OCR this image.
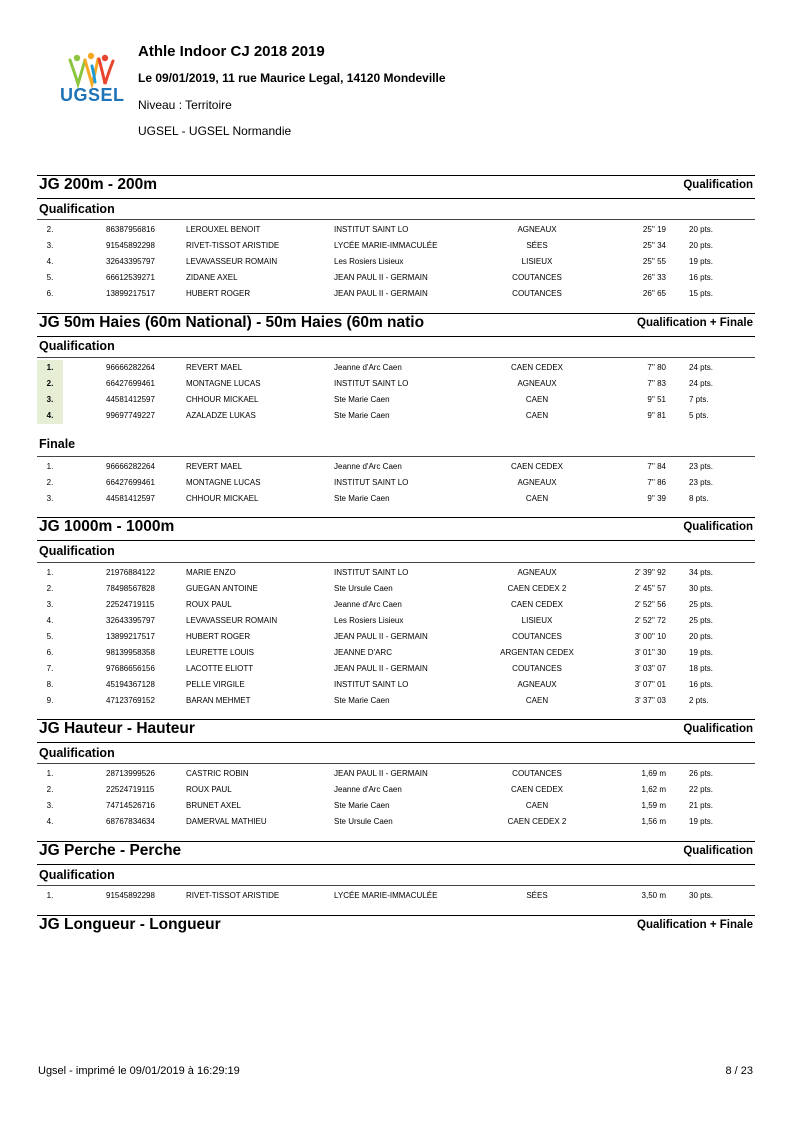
UGSEL
Athle Indoor CJ 2018 2019
Le 09/01/2019, 11 rue Maurice Legal, 14120 Mondeville
Niveau : Territoire
UGSEL - UGSEL Normandie
JG 200m - 200m	Qualification
Qualification
2.	86387956816	LEROUXEL BENOIT	INSTITUT SAINT LO	AGNEAUX	25'' 19	20 pts.
3.	91545892298	RIVET-TISSOT ARISTIDE	LYCÉE MARIE-IMMACULÉE	SÉES	25'' 34	20 pts.
4.	32643395797	LEVAVASSEUR ROMAIN	Les Rosiers Lisieux	LISIEUX	25'' 55	19 pts.
5.	66612539271	ZIDANE AXEL	JEAN PAUL II - GERMAIN	COUTANCES	26'' 33	16 pts.
6.	13899217517	HUBERT ROGER	JEAN PAUL II - GERMAIN	COUTANCES	26'' 65	15 pts.
JG 50m Haies (60m National) - 50m Haies (60m natio	Qualification + Finale
Qualification
1.	96666282264	REVERT MAEL	Jeanne d'Arc Caen	CAEN CEDEX	7'' 80	24 pts.
2.	66427699461	MONTAGNE LUCAS	INSTITUT SAINT LO	AGNEAUX	7'' 83	24 pts.
3.	44581412597	CHHOUR MICKAEL	Ste Marie Caen	CAEN	9'' 51	7 pts.
4.	99697749227	AZALADZE LUKAS	Ste Marie Caen	CAEN	9'' 81	5 pts.
Finale
1.	96666282264	REVERT MAEL	Jeanne d'Arc Caen	CAEN CEDEX	7'' 84	23 pts.
2.	66427699461	MONTAGNE LUCAS	INSTITUT SAINT LO	AGNEAUX	7'' 86	23 pts.
3.	44581412597	CHHOUR MICKAEL	Ste Marie Caen	CAEN	9'' 39	8 pts.
JG 1000m - 1000m	Qualification
Qualification
1.	21976884122	MARIE ENZO	INSTITUT SAINT LO	AGNEAUX	2' 39'' 92	34 pts.
2.	78498567828	GUEGAN ANTOINE	Ste Ursule Caen	CAEN CEDEX 2	2' 45'' 57	30 pts.
3.	22524719115	ROUX PAUL	Jeanne d'Arc Caen	CAEN CEDEX	2' 52'' 56	25 pts.
4.	32643395797	LEVAVASSEUR ROMAIN	Les Rosiers Lisieux	LISIEUX	2' 52'' 72	25 pts.
5.	13899217517	HUBERT ROGER	JEAN PAUL II - GERMAIN	COUTANCES	3' 00'' 10	20 pts.
6.	98139958358	LEURETTE LOUIS	JEANNE D'ARC	ARGENTAN CEDEX	3' 01'' 30	19 pts.
7.	97686656156	LACOTTE ELIOTT	JEAN PAUL II - GERMAIN	COUTANCES	3' 03'' 07	18 pts.
8.	45194367128	PELLE VIRGILE	INSTITUT SAINT LO	AGNEAUX	3' 07'' 01	16 pts.
9.	47123769152	BARAN MEHMET	Ste Marie Caen	CAEN	3' 37'' 03	2 pts.
JG Hauteur - Hauteur	Qualification
Qualification
1.	28713999526	CASTRIC ROBIN	JEAN PAUL II - GERMAIN	COUTANCES	1,69 m	26 pts.
2.	22524719115	ROUX PAUL	Jeanne d'Arc Caen	CAEN CEDEX	1,62 m	22 pts.
3.	74714526716	BRUNET AXEL	Ste Marie Caen	CAEN	1,59 m	21 pts.
4.	68767834634	DAMERVAL MATHIEU	Ste Ursule Caen	CAEN CEDEX 2	1,56 m	19 pts.
JG Perche - Perche	Qualification
Qualification
1.	91545892298	RIVET-TISSOT ARISTIDE	LYCÉE MARIE-IMMACULÉE	SÉES	3,50 m	30 pts.
JG Longueur - Longueur	Qualification + Finale
Ugsel - imprimé le 09/01/2019 à 16:29:19	8 / 23
